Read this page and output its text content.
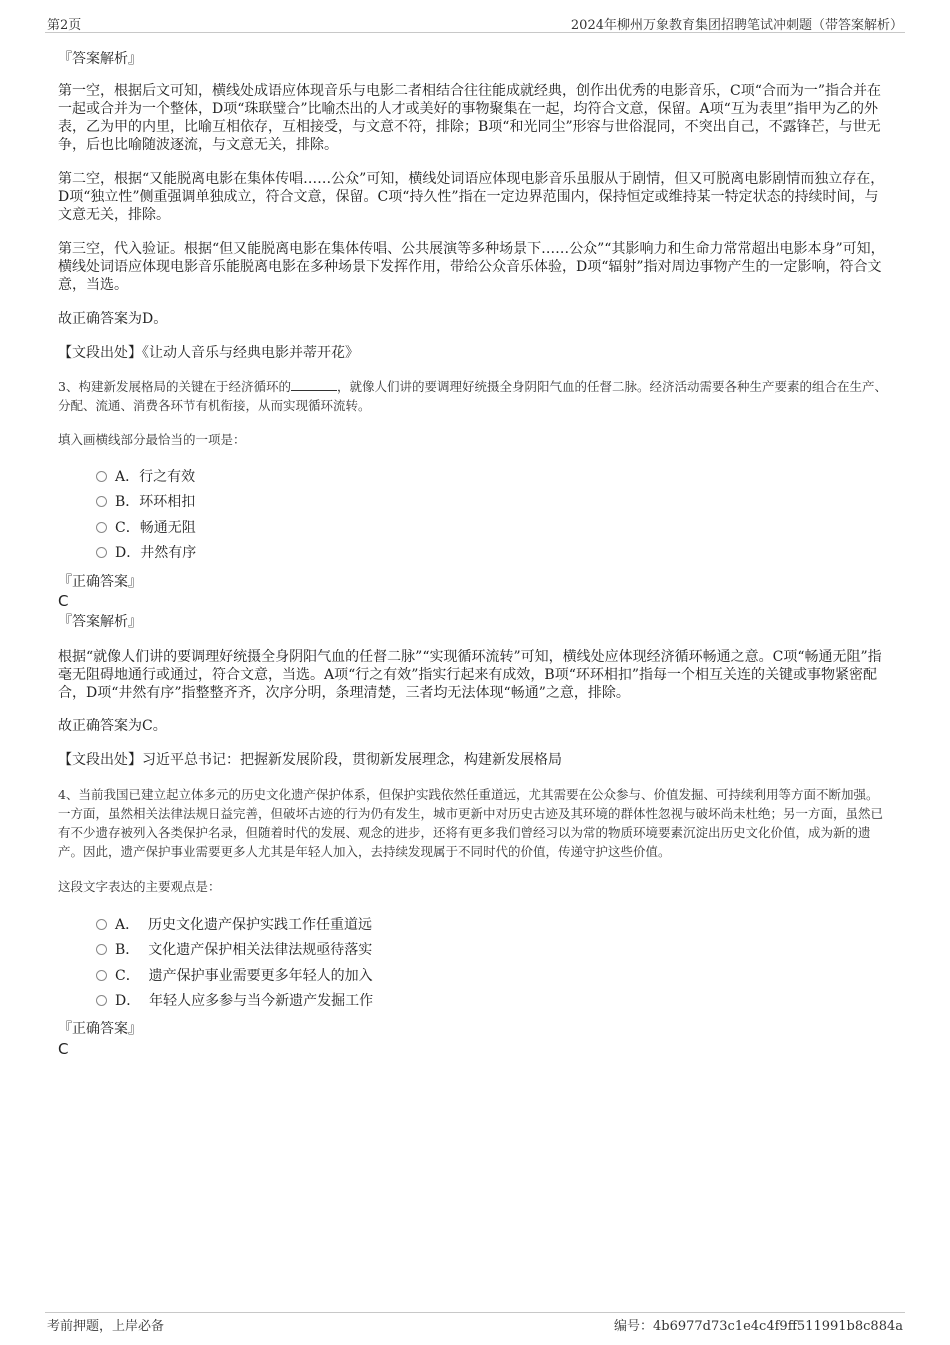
第2页	2024年柳州万象教育集团招聘笔试冲刺题（带答案解析）
『答案解析』
第一空，根据后文可知，横线处成语应体现音乐与电影二者相结合往往能成就经典，创作出优秀的电影音乐，C项“合而为一”指合并在一起或合并为一个整体，D项“珠联璧合”比喻杰出的人才或美好的事物聚集在一起，均符合文意，保留。A项“互为表里”指甲为乙的外表，乙为甲的内里，比喻互相依存，互相接受，与文意不符，排除；B项“和光同尘”形容与世俗混同，不突出自己，不露锋芒，与世无争，后也比喻随波逐流，与文意无关，排除。
第二空，根据“又能脱离电影在集体传唱……公众”可知，横线处词语应体现电影音乐虽服从于剧情，但又可脱离电影剧情而独立存在，D项“独立性”侧重强调单独成立，符合文意，保留。C项“持久性”指在一定边界范围内，保持恒定或维持某一特定状态的持续时间，与文意无关，排除。
第三空，代入验证。根据“但又能脱离电影在集体传唱、公共展演等多种场景下……公众”“其影响力和生命力常常超出电影本身”可知，横线处词语应体现电影音乐能脱离电影在多种场景下发挥作用，带给公众音乐体验，D项“辐射”指对周边事物产生的一定影响，符合文意，当选。
故正确答案为D。
【文段出处】《让动人音乐与经典电影并蒂开花》
3、构建新发展格局的关键在于经济循环的	，就像人们讲的要调理好统摄全身阴阳气血的任督二脉。经济活动需要各种生产要素的组合在生产、分配、流通、消费各环节有机衔接，从而实现循环流转。
填入画横线部分最恰当的一项是：
A．行之有效
B．环环相扣
C．畅通无阻
D．井然有序
『正确答案』
C
『答案解析』
根据“就像人们讲的要调理好统摄全身阴阳气血的任督二脉”“实现循环流转”可知，横线处应体现经济循环畅通之意。C项“畅通无阻”指毫无阻碍地通行或通过，符合文意，当选。A项“行之有效”指实行起来有成效，B项“环环相扣”指每一个相互关连的关键或事物紧密配合，D项“井然有序”指整整齐齐，次序分明，条理清楚，三者均无法体现“畅通”之意，排除。
故正确答案为C。
【文段出处】习近平总书记：把握新发展阶段，贯彻新发展理念，构建新发展格局
4、当前我国已建立起立体多元的历史文化遗产保护体系，但保护实践依然任重道远，尤其需要在公众参与、价值发掘、可持续利用等方面不断加强。一方面，虽然相关法律法规日益完善，但破坏古迹的行为仍有发生，城市更新中对历史古迹及其环境的群体性忽视与破坏尚未杜绝；另一方面，虽然已有不少遗存被列入各类保护名录，但随着时代的发展、观念的进步，还将有更多我们曾经习以为常的物质环境要素沉淀出历史文化价值，成为新的遗产。因此，遗产保护事业需要更多人尤其是年轻人加入，去持续发现属于不同时代的价值，传递守护这些价值。
这段文字表达的主要观点是：
A． 历史文化遗产保护实践工作任重道远
B． 文化遗产保护相关法律法规亟待落实
C． 遗产保护事业需要更多年轻人的加入
D． 年轻人应多参与当今新遗产发掘工作
『正确答案』
C
考前押题，上岸必备	编号：4b6977d73c1e4c4f9ff511991b8c884a
